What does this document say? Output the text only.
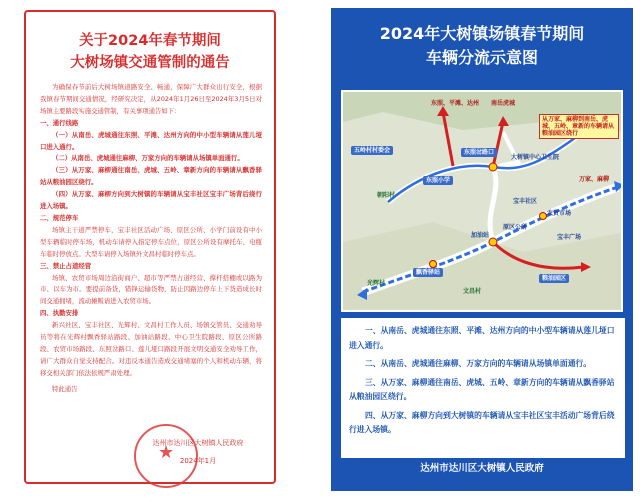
关于2024年春节期间
大树场镇交通管制的通告

为确保春节前后大树场镇道路安全、畅通，保障广大群众出行安全，根据我镇春节期间交通情况，经研究决定，从2024年1月26日至2024年3月5日对场镇主要路段实施交通管制，有关事项通告如下：

一、通行线路

（一）从南岳、虎城通往东照、平滩、达州方向的中小型车辆请从莲儿垭口进入通行。

（二）从南岳、虎城通往麻柳、万家方向的车辆请从场镇单面通行。

（三）从万家、麻柳通往南岳、虎城、五岭、章新方向的车辆请从飘香驿站从粮油园区绕行。

（四）从万家、麻柳方向到大树镇的车辆请从宝丰社区宝丰广场背后绕行进入场镇。

二、规范停车

场镇主干道严禁停车，宝丰社区活动广场、原区公所、小学门前设有中小型车辆临时停车场，机动车请停入指定停车点位，原区公所设有摩托车、电瓶车临时停放点。大型车请停入场镇外文昌村临时停车点。

三、禁止占道经营

场镇、农贸市场周边沿街商户、超市等严禁占道经营、撑杆搭棚或以路为市、以车为市。要提前备货，错锋运输货物，防止因路边停车上下货造成长时间交通拥堵，流动摊贩请进入农贸市场。

四、执勤安排

新兴社区、宝丰社区、光辉村、文昌村工作人员、场镇交管员、交通劝导员等将在光辉村飘香驿站路段、加油站路段、中心卫生院路段、原区公所路段、农贸市场路段、东照岔路口、莲儿垭口路段开展文明交通安全劝导工作，请广大群众自觉支持配合。对违反本通告造成交通堵塞的个人和机动车辆，将移交相关部门依法依规严肃处理。

特此通告

★
达州市达川区大树镇人民政府
2024年1月
2024年大树镇场镇春节期间
车辆分流示意图
东照、平滩、达州 南岳虎城
五岭村村委会	东照岔路口
大树镇中心卫生院
东照小学
朝阳村
从万家、麻柳到南岳、虎城、五岭、章新的车辆请从粮油园区绕行
宝丰社区
农贸市场
加油站
原区公所
万家、麻柳
飘香驿站
粮油园区
宝丰广场
光辉村
文昌村

一、从南岳、虎城通往东照、平滩、达州方向的中小型车辆请从莲儿垭口进入通行。

二、从南岳、虎城通往麻柳、万家方向的车辆请从场镇单面通行。

三、从万家、麻柳通往南岳、虎城、五岭、章新方向的车辆请从飘香驿站从粮油园区绕行。

四、从万家、麻柳方向到大树镇的车辆请从宝丰社区宝丰活动广场背后绕行进入场镇。

达州市达川区大树镇人民政府
